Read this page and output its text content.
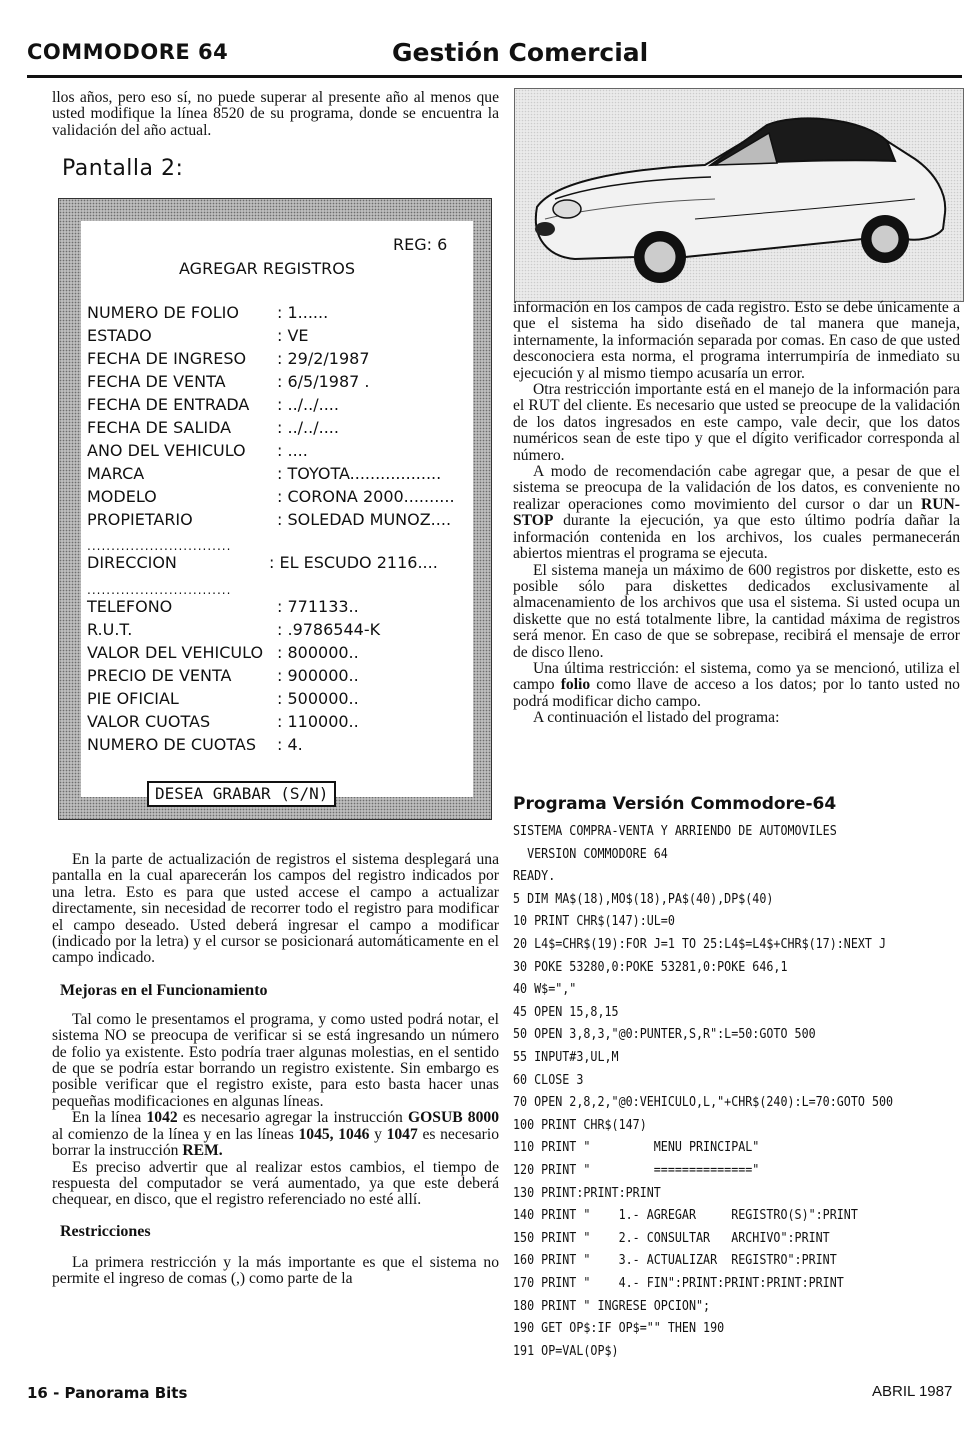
COMMODORE 64	Gestión Comercial

llos años, pero eso sí, no puede superar al presente año al menos que usted modifique la línea 8520 de su programa, donde se encuentra la validación del año actual.

Pantalla 2:
REG: 6
AGREGAR REGISTROS
NUMERO DE FOLIO : 1......
ESTADO	: VE
FECHA DE INGRESO : 29/2/1987
FECHA DE VENTA	: 6/5/1987 .
FECHA DE ENTRADA : ../../....
FECHA DE SALIDA	: ../../....
ANO DEL VEHICULO : ....
MARCA	: TOYOTA..................
MODELO	: CORONA 2000..........
PROPIETARIO	: SOLEDAD MUNOZ....
..............................
DIRECCION	: EL ESCUDO 2116....
..............................
TELEFONO	: 771133..
R.U.T.	: .9786544-K
VALOR DEL VEHICULO : 800000..
PRECIO DE VENTA	: 900000..
PIE OFICIAL	: 500000..
VALOR CUOTAS	: 110000..
NUMERO DE CUOTAS : 4.
DESEA GRABAR (S/N)

En la parte de actualización de registros el sistema desplegará una pantalla en la cual aparecerán los campos del registro indicados por una letra. Esto es para que usted accese el campo a actualizar directamente, sin necesidad de recorrer todo el registro para modificar el campo deseado. Usted deberá ingresar el campo a modificar (indicado por la letra) y el cursor se posicionará automáticamente en el campo indicado.

Mejoras en el Funcionamiento

Tal como le presentamos el programa, y como usted podrá notar, el sistema NO se preocupa de verificar si se está ingresando un número de folio ya existente. Esto podría traer algunas molestias, en el sentido de que se podría estar borrando un registro existente. Sin embargo es posible verificar que el registro existe, para esto basta hacer unas pequeñas modificaciones en algunas líneas.

En la línea 1042 es necesario agregar la instrucción GOSUB 8000 al comienzo de la línea y en las líneas 1045, 1046 y 1047 es necesario borrar la instrucción REM.

Es preciso advertir que al realizar estos cambios, el tiempo de respuesta del computador se verá aumentado, ya que este deberá chequear, en disco, que el registro referenciado no esté allí.

Restricciones

La primera restricción y la más importante es que el sistema no permite el ingreso de comas (,) como parte de la

información en los campos de cada registro. Esto se debe únicamente a que el sistema ha sido diseñado de tal manera que maneja, internamente, la información separada por comas. En caso de que usted desconociera esta norma, el programa interrumpiría de inmediato su ejecución y al mismo tiempo acusaría un error.

Otra restricción importante está en el manejo de la información para el RUT del cliente. Es necesario que usted se preocupe de la validación de los datos ingresados en este campo, vale decir, que los datos numéricos sean de este tipo y que el dígito verificador corresponda al número.

A modo de recomendación cabe agregar que, a pesar de que el sistema se preocupa de la validación de los datos, es conveniente no realizar operaciones como movimiento del cursor o dar un RUN-STOP durante la ejecución, ya que esto último podría dañar la información contenida en los archivos, los cuales permanecerán abiertos mientras el programa se ejecuta.

El sistema maneja un máximo de 600 registros por diskette, esto es posible sólo para diskettes dedicados exclusivamente al almacenamiento de los archivos que usa el sistema. Si usted ocupa un diskette que no está totalmente libre, la cantidad máxima de registros será menor. En caso de que se sobrepase, recibirá el mensaje de error de disco lleno.

Una última restricción: el sistema, como ya se mencionó, utiliza el campo folio como llave de acceso a los datos; por lo tanto usted no podrá modificar dicho campo.

A continuación el listado del programa:

Programa Versión Commodore-64
SISTEMA COMPRA-VENTA Y ARRIENDO DE AUTOMOVILES
VERSION COMMODORE 64
READY.
5 DIM MA$(18),MO$(18),PA$(40),DP$(40)
10 PRINT CHR$(147):UL=0
20 L4$=CHR$(19):FOR J=1 TO 25:L4$=L4$+CHR$(17):NEXT J
30 POKE 53280,0:POKE 53281,0:POKE 646,1
40 W$=","
45 OPEN 15,8,15
50 OPEN 3,8,3,"@0:PUNTER,S,R":L=50:GOTO 500
55 INPUT#3,UL,M
60 CLOSE 3
70 OPEN 2,8,2,"@0:VEHICULO,L,"+CHR$(240):L=70:GOTO 500
100 PRINT CHR$(147)
110 PRINT "         MENU PRINCIPAL"
120 PRINT "         =============="
130 PRINT:PRINT:PRINT
140 PRINT "    1.- AGREGAR     REGISTRO(S)":PRINT
150 PRINT "    2.- CONSULTAR   ARCHIVO":PRINT
160 PRINT "    3.- ACTUALIZAR  REGISTRO":PRINT
170 PRINT "    4.- FIN":PRINT:PRINT:PRINT:PRINT
180 PRINT " INGRESE OPCION";
190 GET OP$:IF OP$="" THEN 190
191 OP=VAL(OP$)
16 - Panorama Bits	ABRIL 1987
